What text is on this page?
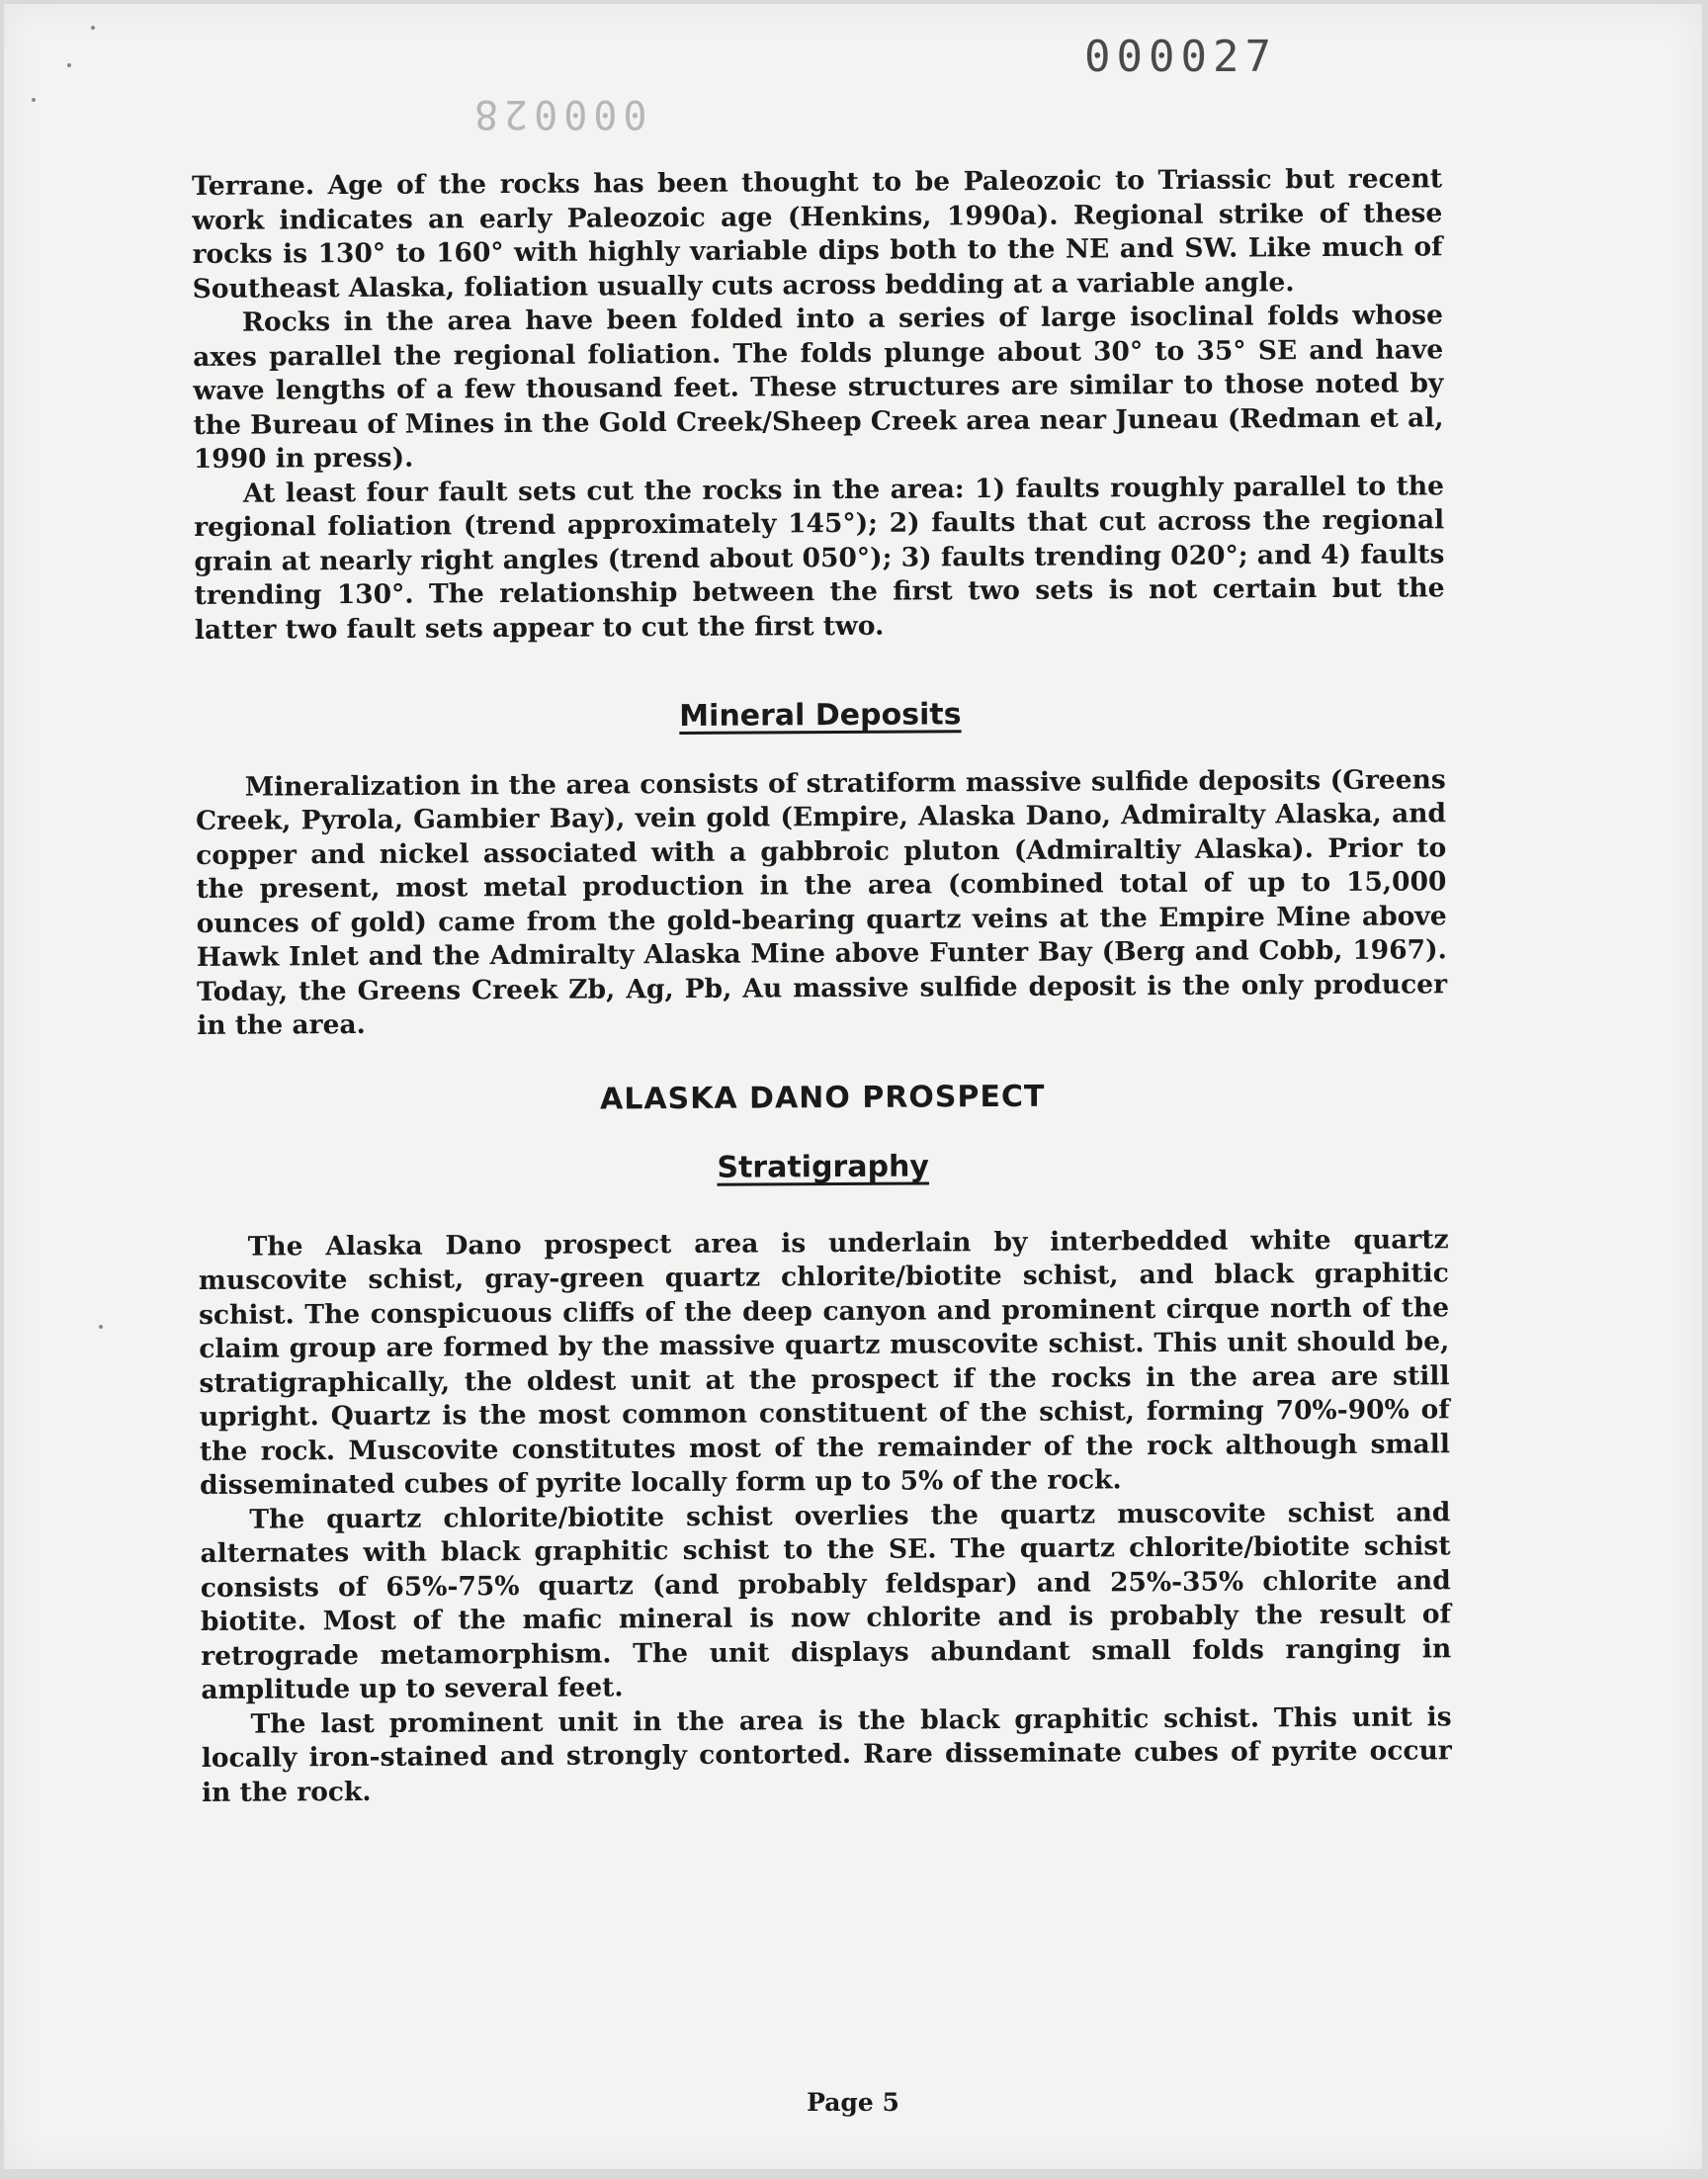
000027
000028

Terrane. Age of the rocks has been thought to be Paleozoic to Triassic but recent work indicates an early Paleozoic age (Henkins, 1990a). Regional strike of these rocks is 130° to 160° with highly variable dips both to the NE and SW. Like much of Southeast Alaska, foliation usually cuts across bedding at a variable angle.

Rocks in the area have been folded into a series of large isoclinal folds whose axes parallel the regional foliation. The folds plunge about 30° to 35° SE and have wave lengths of a few thousand feet. These structures are similar to those noted by the Bureau of Mines in the Gold Creek/Sheep Creek area near Juneau (Redman et al, 1990 in press).

At least four fault sets cut the rocks in the area: 1) faults roughly parallel to the regional foliation (trend approximately 145°); 2) faults that cut across the regional grain at nearly right angles (trend about 050°); 3) faults trending 020°; and 4) faults trending 130°. The relationship between the first two sets is not certain but the latter two fault sets appear to cut the first two.

Mineral Deposits

Mineralization in the area consists of stratiform massive sulfide deposits (Greens Creek, Pyrola, Gambier Bay), vein gold (Empire, Alaska Dano, Admiralty Alaska, and copper and nickel associated with a gabbroic pluton (Admiraltiy Alaska). Prior to the present, most metal production in the area (combined total of up to 15,000 ounces of gold) came from the gold-bearing quartz veins at the Empire Mine above Hawk Inlet and the Admiralty Alaska Mine above Funter Bay (Berg and Cobb, 1967). Today, the Greens Creek Zb, Ag, Pb, Au massive sulfide deposit is the only producer in the area.

ALASKA DANO PROSPECT
Stratigraphy

The Alaska Dano prospect area is underlain by interbedded white quartz muscovite schist, gray-green quartz chlorite/biotite schist, and black graphitic schist. The conspicuous cliffs of the deep canyon and prominent cirque north of the claim group are formed by the massive quartz muscovite schist. This unit should be, stratigraphically, the oldest unit at the prospect if the rocks in the area are still upright. Quartz is the most common constituent of the schist, forming 70%-90% of the rock. Muscovite constitutes most of the remainder of the rock although small disseminated cubes of pyrite locally form up to 5% of the rock.

The quartz chlorite/biotite schist overlies the quartz muscovite schist and alternates with black graphitic schist to the SE. The quartz chlorite/biotite schist consists of 65%-75% quartz (and probably feldspar) and 25%-35% chlorite and biotite. Most of the mafic mineral is now chlorite and is probably the result of retrograde metamorphism. The unit displays abundant small folds ranging in amplitude up to several feet.

The last prominent unit in the area is the black graphitic schist. This unit is locally iron-stained and strongly contorted. Rare disseminate cubes of pyrite occur in the rock.

Page 5
